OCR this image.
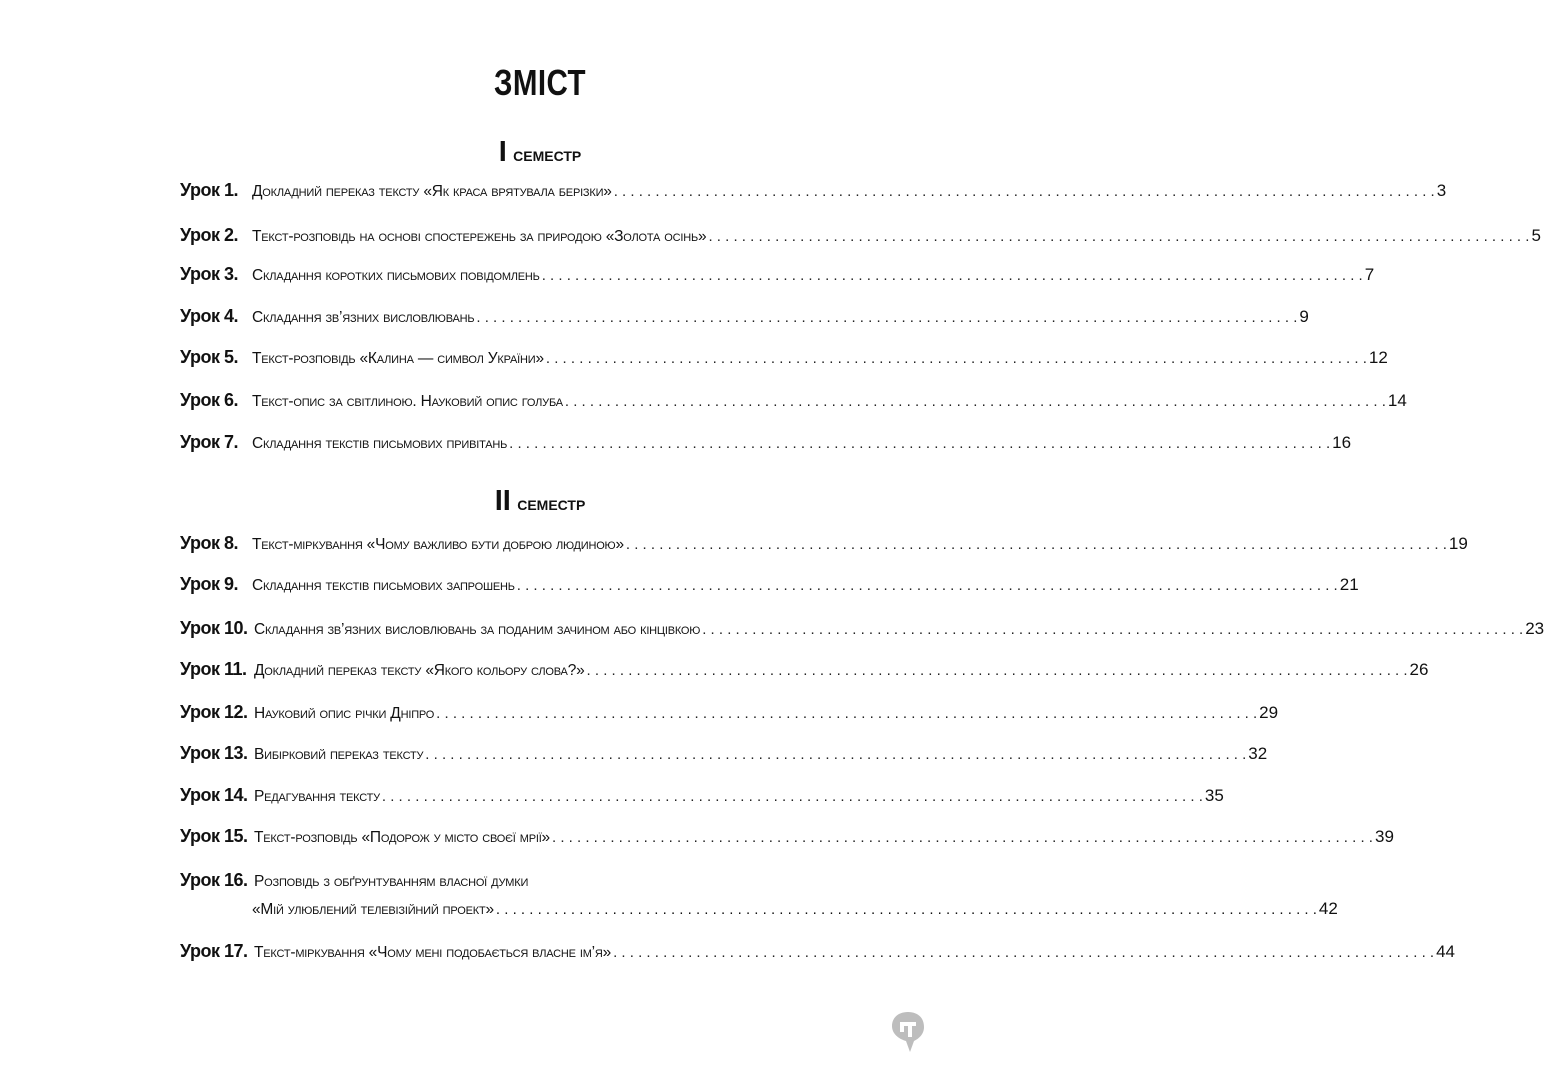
ЗМІСТ
І семестр
Урок 1. Докладний переказ тексту «Як краса врятувала берізки» . . .	3
Урок 2. Текст-розповідь на основі спостережень за природою «Золота осінь» . . .	5
Урок 3. Складання коротких письмових повідомлень . . .	7
Урок 4. Складання зв’язних висловлювань . . .	9
Урок 5. Текст-розповідь «Калина — символ України» . . .	12
Урок 6. Текст-опис за світлиною. Науковий опис голуба . . .	14
Урок 7. Складання текстів письмових привітань . . .	16
ІІ семестр
Урок 8. Текст-міркування «Чому важливо бути доброю людиною» . . .	19
Урок 9. Складання текстів письмових запрошень . . .	21
Урок 10. Складання зв’язних висловлювань за поданим зачином або кінцівкою . . .	23
Урок 11. Докладний переказ тексту «Якого кольору слова?» . . .	26
Урок 12. Науковий опис річки Дніпро . . .	29
Урок 13. Вибірковий переказ тексту . . .	32
Урок 14. Редагування тексту . . .	35
Урок 15. Текст-розповідь «Подорож у місто своєї мрії» . . .	39
Урок 16. Розповідь з обґрунтуванням власної думки
«Мій улюблений телевізійний проект» . . .	42
Урок 17. Текст-міркування «Чому мені подобається власне ім’я» . . .	44
